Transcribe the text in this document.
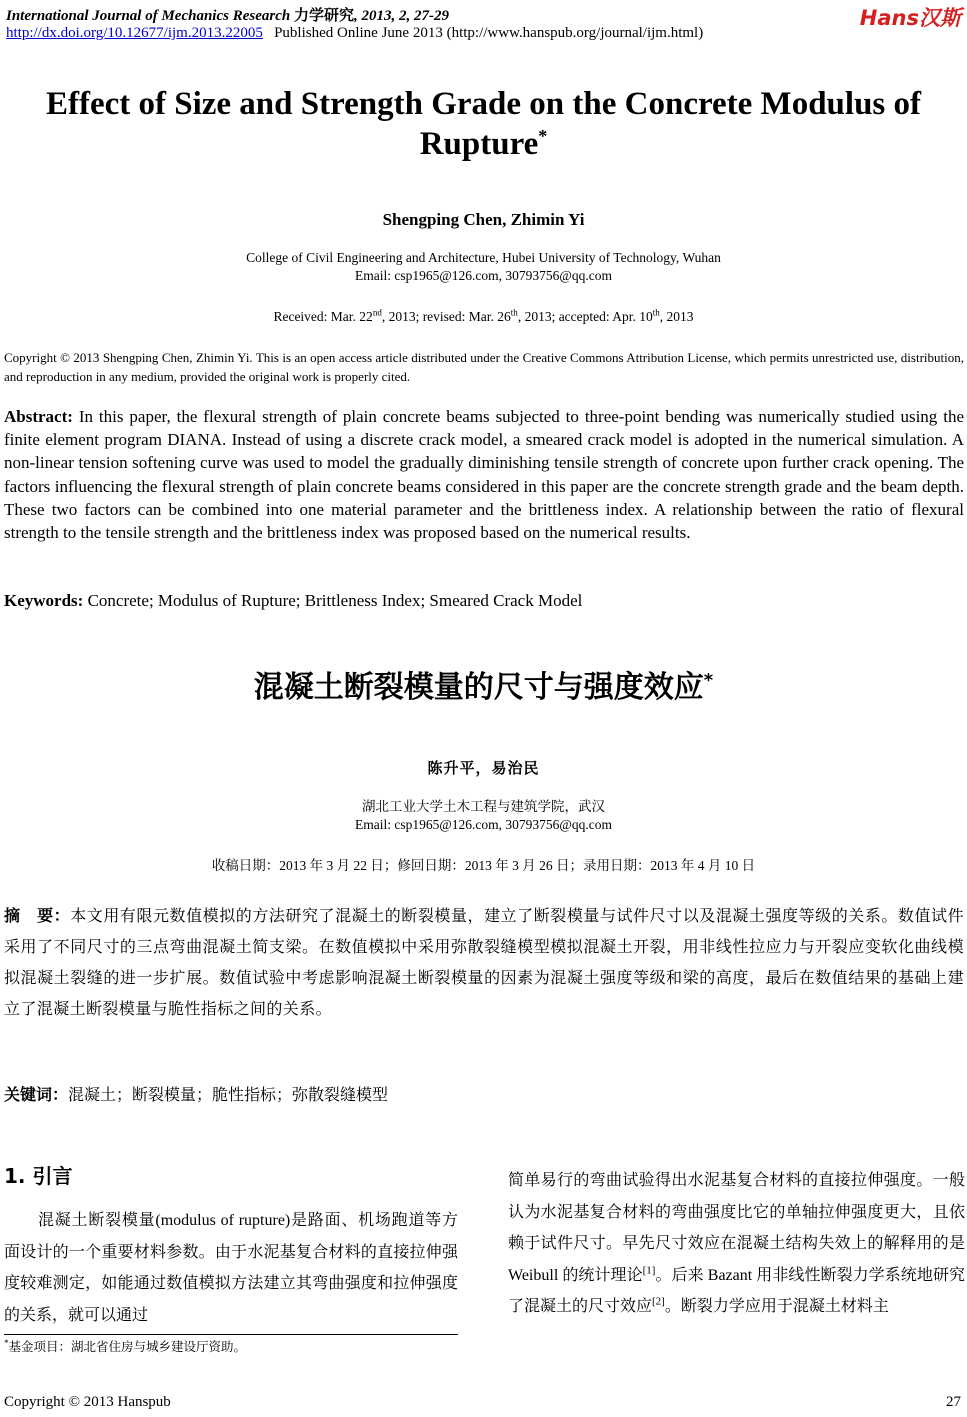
International Journal of Mechanics Research 力学研究, 2013, 2, 27-29
http://dx.doi.org/10.12677/ijm.2013.22005 Published Online June 2013 (http://www.hanspub.org/journal/ijm.html)
Hans汉斯
Effect of Size and Strength Grade on the Concrete Modulus of Rupture*
Shengping Chen, Zhimin Yi
College of Civil Engineering and Architecture, Hubei University of Technology, Wuhan
Email: csp1965@126.com, 30793756@qq.com
Received: Mar. 22nd, 2013; revised: Mar. 26th, 2013; accepted: Apr. 10th, 2013
Copyright © 2013 Shengping Chen, Zhimin Yi. This is an open access article distributed under the Creative Commons Attribution License, which permits unrestricted use, distribution, and reproduction in any medium, provided the original work is properly cited.
Abstract: In this paper, the flexural strength of plain concrete beams subjected to three-point bending was numerically studied using the finite element program DIANA. Instead of using a discrete crack model, a smeared crack model is adopted in the numerical simulation. A non-linear tension softening curve was used to model the gradually diminishing tensile strength of concrete upon further crack opening. The factors influencing the flexural strength of plain concrete beams considered in this paper are the concrete strength grade and the beam depth. These two factors can be combined into one material parameter and the brittleness index. A relationship between the ratio of flexural strength to the tensile strength and the brittleness index was proposed based on the numerical results.
Keywords: Concrete; Modulus of Rupture; Brittleness Index; Smeared Crack Model
混凝土断裂模量的尺寸与强度效应*
陈升平，易治民
湖北工业大学土木工程与建筑学院，武汉
Email: csp1965@126.com, 30793756@qq.com
收稿日期：2013 年 3 月 22 日；修回日期：2013 年 3 月 26 日；录用日期：2013 年 4 月 10 日
摘　要：本文用有限元数值模拟的方法研究了混凝土的断裂模量，建立了断裂模量与试件尺寸以及混凝土强度等级的关系。数值试件采用了不同尺寸的三点弯曲混凝土简支梁。在数值模拟中采用弥散裂缝模型模拟混凝土开裂，用非线性拉应力与开裂应变软化曲线模拟混凝土裂缝的进一步扩展。数值试验中考虑影响混凝土断裂模量的因素为混凝土强度等级和梁的高度，最后在数值结果的基础上建立了混凝土断裂模量与脆性指标之间的关系。
关键词：混凝土；断裂模量；脆性指标；弥散裂缝模型
1. 引言
混凝土断裂模量(modulus of rupture)是路面、机场跑道等方面设计的一个重要材料参数。由于水泥基复合材料的直接拉伸强度较难测定，如能通过数值模拟方法建立其弯曲强度和拉伸强度的关系，就可以通过
简单易行的弯曲试验得出水泥基复合材料的直接拉伸强度。一般认为水泥基复合材料的弯曲强度比它的单轴拉伸强度更大，且依赖于试件尺寸。早先尺寸效应在混凝土结构失效上的解释用的是 Weibull 的统计理论[1]。后来 Bazant 用非线性断裂力学系统地研究了混凝土的尺寸效应[2]。断裂力学应用于混凝土材料主
*基金项目：湖北省住房与城乡建设厅资助。
Copyright © 2013 Hanspub	27
